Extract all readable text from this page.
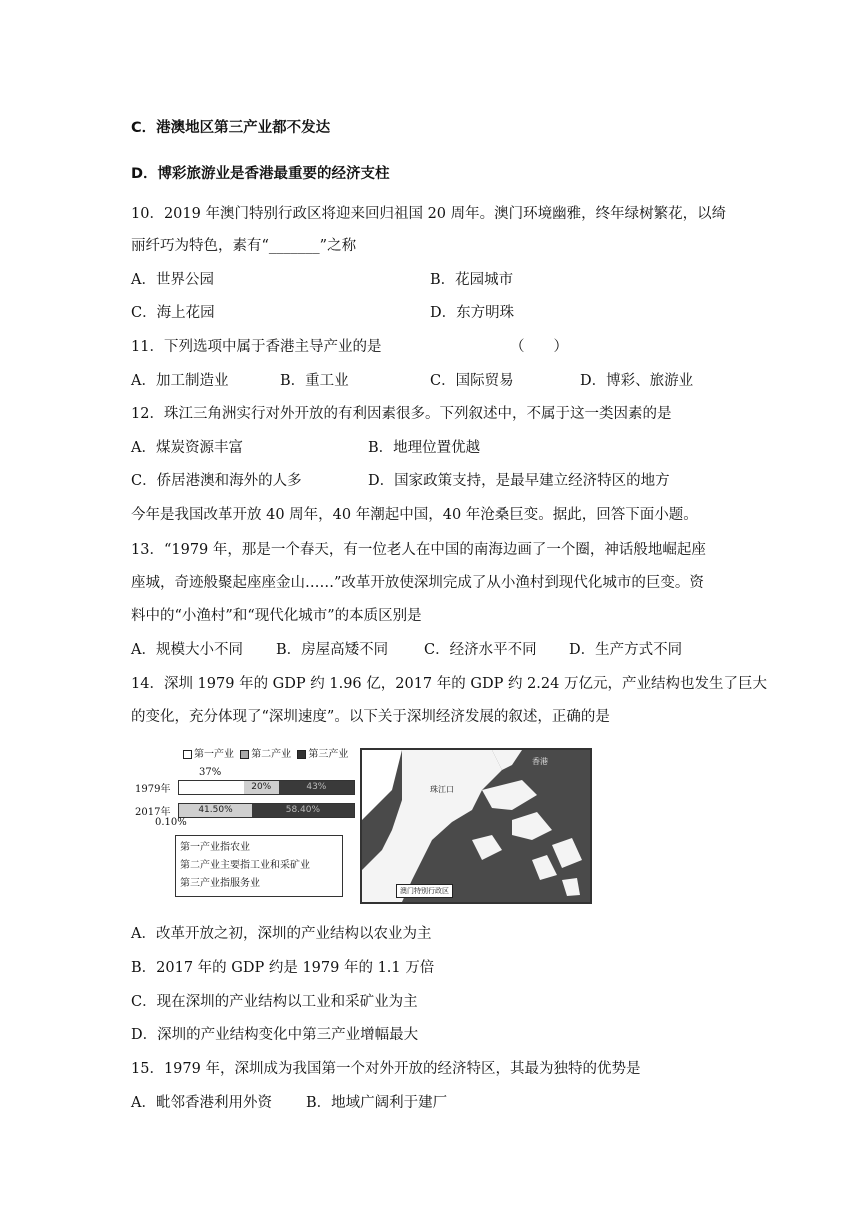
C．港澳地区第三产业都不发达
D．博彩旅游业是香港最重要的经济支柱
10．2019 年澳门特别行政区将迎来回归祖国 20 周年。澳门环境幽雅，终年绿树繁花，以绮
丽纤巧为特色，素有“_______”之称
A．世界公园	B．花园城市
C．海上花园	D．东方明珠
11．下列选项中属于香港主导产业的是	（　　）
A．加工制造业	B．重工业	C．国际贸易	D．博彩、旅游业
12．珠江三角洲实行对外开放的有利因素很多。下列叙述中，不属于这一类因素的是
A．煤炭资源丰富	B．地理位置优越
C．侨居港澳和海外的人多	D．国家政策支持，是最早建立经济特区的地方
今年是我国改革开放 40 周年，40 年潮起中国，40 年沧桑巨变。据此，回答下面小题。
13．“1979 年，那是一个春天，有一位老人在中国的南海边画了一个圈，神话般地崛起座
座城，奇迹般聚起座座金山……”改革开放使深圳完成了从小渔村到现代化城市的巨变。资
料中的“小渔村”和“现代化城市”的本质区别是
A．规模大小不同 B．房屋高矮不同 C．经济水平不同 D．生产方式不同
14．深圳 1979 年的 GDP 约 1.96 亿，2017 年的 GDP 约 2.24 万亿元，产业结构也发生了巨大
的变化，充分体现了“深圳速度”。以下关于深圳经济发展的叙述，正确的是
第一产业 第二产业 第三产业
37%
1979年	20%	43%
2017年	41.50%	58.40%
0.10%
第一产业指农业
第二产业主要指工业和采矿业
第三产业指服务业
珠江口
香港
澳门特别行政区
A．改革开放之初，深圳的产业结构以农业为主
B．2017 年的 GDP 约是 1979 年的 1.1 万倍
C．现在深圳的产业结构以工业和采矿业为主
D．深圳的产业结构变化中第三产业增幅最大
15．1979 年，深圳成为我国第一个对外开放的经济特区，其最为独特的优势是
A．毗邻香港利用外资 B．地域广阔利于建厂
